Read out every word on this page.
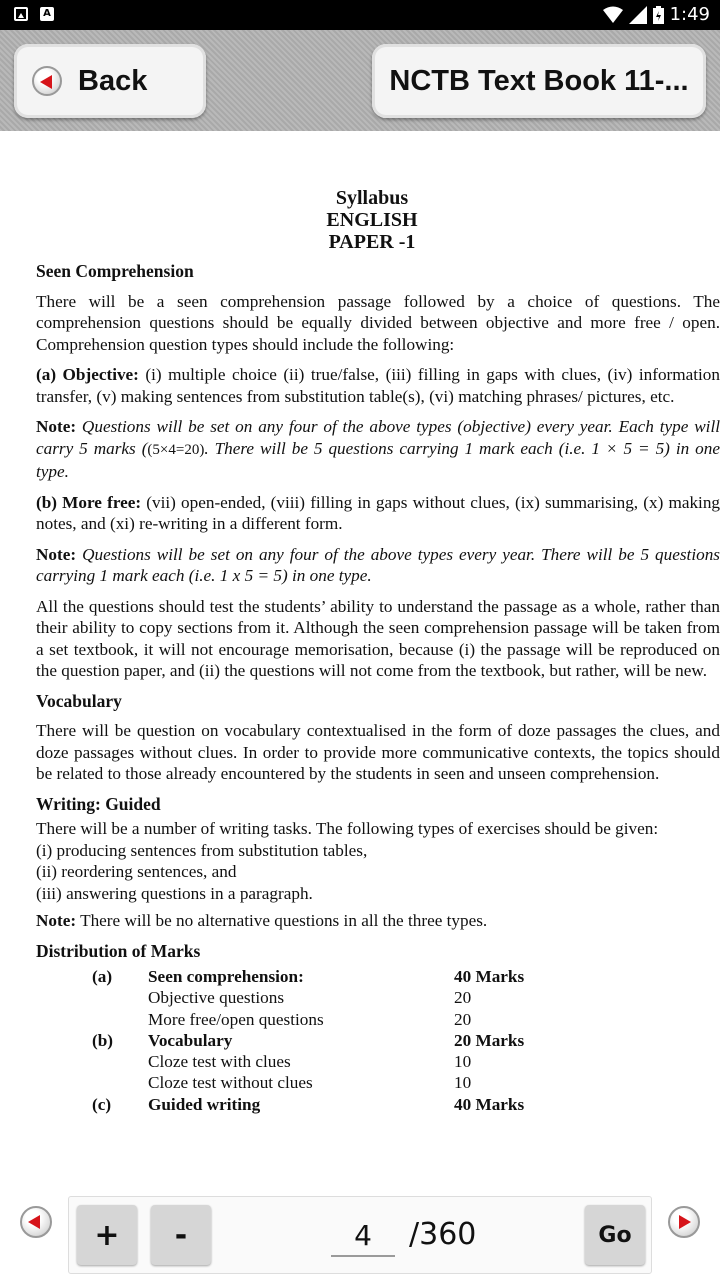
A	1:49
Back	NCTB Text Book 11-...
Syllabus
ENGLISH
PAPER -1
Seen Comprehension

There will be a seen comprehension passage followed by a choice of questions. The comprehension questions should be equally divided between objective and more free / open. Comprehension question types should include the following:

(a) Objective: (i) multiple choice (ii) true/false, (iii) filling in gaps with clues, (iv) information transfer, (v) making sentences from substitution table(s), (vi) matching phrases/ pictures, etc.

Note: Questions will be set on any four of the above types (objective) every year. Each type will carry 5 marks ((5×4=20). There will be 5 questions carrying 1 mark each (i.e. 1 × 5 = 5) in one type.

(b) More free: (vii) open-ended, (viii) filling in gaps without clues, (ix) summarising, (x) making notes, and (xi) re-writing in a different form.

Note: Questions will be set on any four of the above types every year. There will be 5 questions carrying 1 mark each (i.e. 1 x 5 = 5) in one type.

All the questions should test the students’ ability to understand the passage as a whole, rather than their ability to copy sections from it. Although the seen comprehension passage will be taken from a set textbook, it will not encourage memorisation, because (i) the passage will be reproduced on the question paper, and (ii) the questions will not come from the textbook, but rather, will be new.

Vocabulary

There will be question on vocabulary contextualised in the form of doze passages the clues, and doze passages without clues. In order to provide more communicative contexts, the topics should be related to those already encountered by the students in seen and unseen comprehension.

Writing: Guided

There will be a number of writing tasks. The following types of exercises should be given:

(i) producing sentences from substitution tables,
(ii) reordering sentences, and
(iii) answering questions in a paragraph.

Note: There will be no alternative questions in all the three types.

Distribution of Marks
(a)	Seen comprehension:	40 Marks
	Objective questions	20
	More free/open questions	20
(b)	Vocabulary	20 Marks
	Cloze test with clues	10
	Cloze test without clues	10
(c)	Guided writing	40 Marks
+	-
4	/360	Go
